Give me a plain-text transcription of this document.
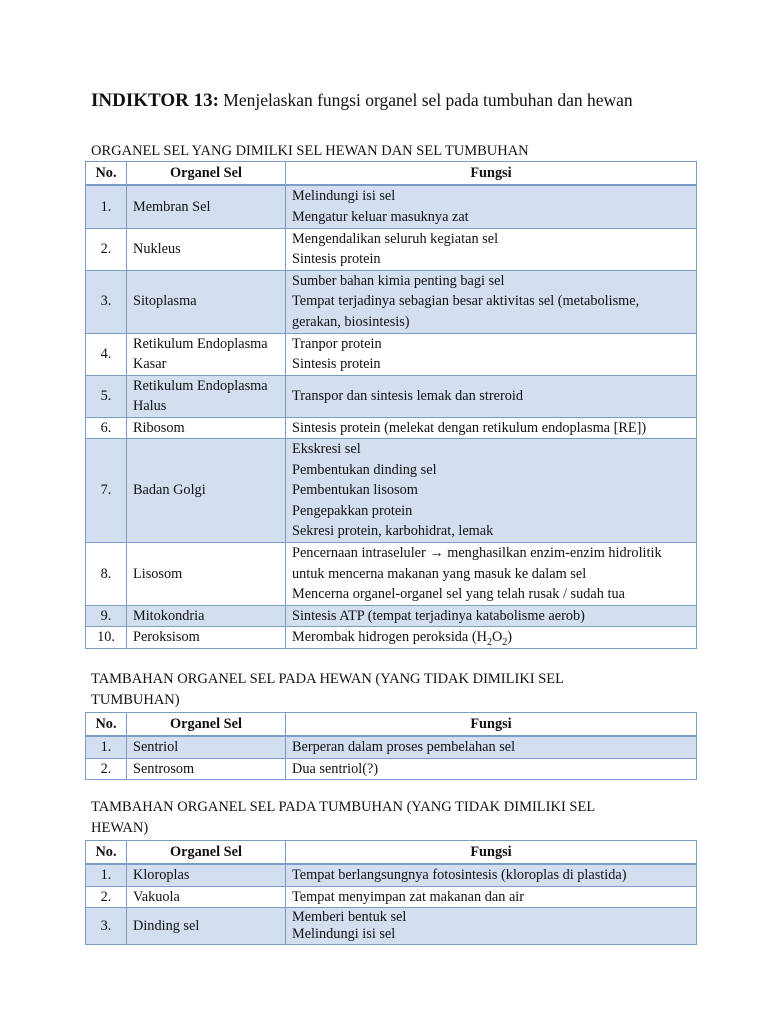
INDIKTOR 13: Menjelaskan fungsi organel sel pada tumbuhan dan hewan
ORGANEL SEL YANG DIMILKI SEL HEWAN DAN SEL TUMBUHAN
No.	Organel Sel	Fungsi
1.	Membran Sel	Melindungi isi sel
Mengatur keluar masuknya zat

2.	Nukleus	Mengendalikan seluruh kegiatan sel
Sintesis protein

3.	Sitoplasma	Sumber bahan kimia penting bagi sel
Tempat terjadinya sebagian besar aktivitas sel (metabolisme, gerakan, biosintesis)

4.	Retikulum Endoplasma Kasar	Tranpor protein
Sintesis protein

5.	Retikulum Endoplasma Halus	Transpor dan sintesis lemak dan streroid

6.	Ribosom	Sintesis protein (melekat dengan retikulum endoplasma [RE])

7.	Badan Golgi	Ekskresi sel
Pembentukan dinding sel
Pembentukan lisosom
Pengepakkan protein
Sekresi protein, karbohidrat, lemak

8.	Lisosom	Pencernaan intraseluler → menghasilkan enzim-enzim hidrolitik
untuk mencerna makanan yang masuk ke dalam sel
Mencerna organel-organel sel yang telah rusak / sudah tua

9.	Mitokondria	Sintesis ATP (tempat terjadinya katabolisme aerob)

10.	Peroksisom	Merombak hidrogen peroksida $(H_2O_2)$
TAMBAHAN ORGANEL SEL PADA HEWAN (YANG TIDAK DIMILIKI SEL TUMBUHAN)
No.	Organel Sel	Fungsi
1.	Sentriol	Berperan dalam proses pembelahan sel
2.	Sentrosom	Dua sentriol(?)
TAMBAHAN ORGANEL SEL PADA TUMBUHAN (YANG TIDAK DIMILIKI SEL HEWAN)
No.	Organel Sel	Fungsi
1.	Kloroplas	Tempat berlangsungnya fotosintesis (kloroplas di plastida)

2.	Vakuola	Tempat menyimpan zat makanan dan air

3.	Dinding sel	Memberi bentuk sel
Melindungi isi sel
